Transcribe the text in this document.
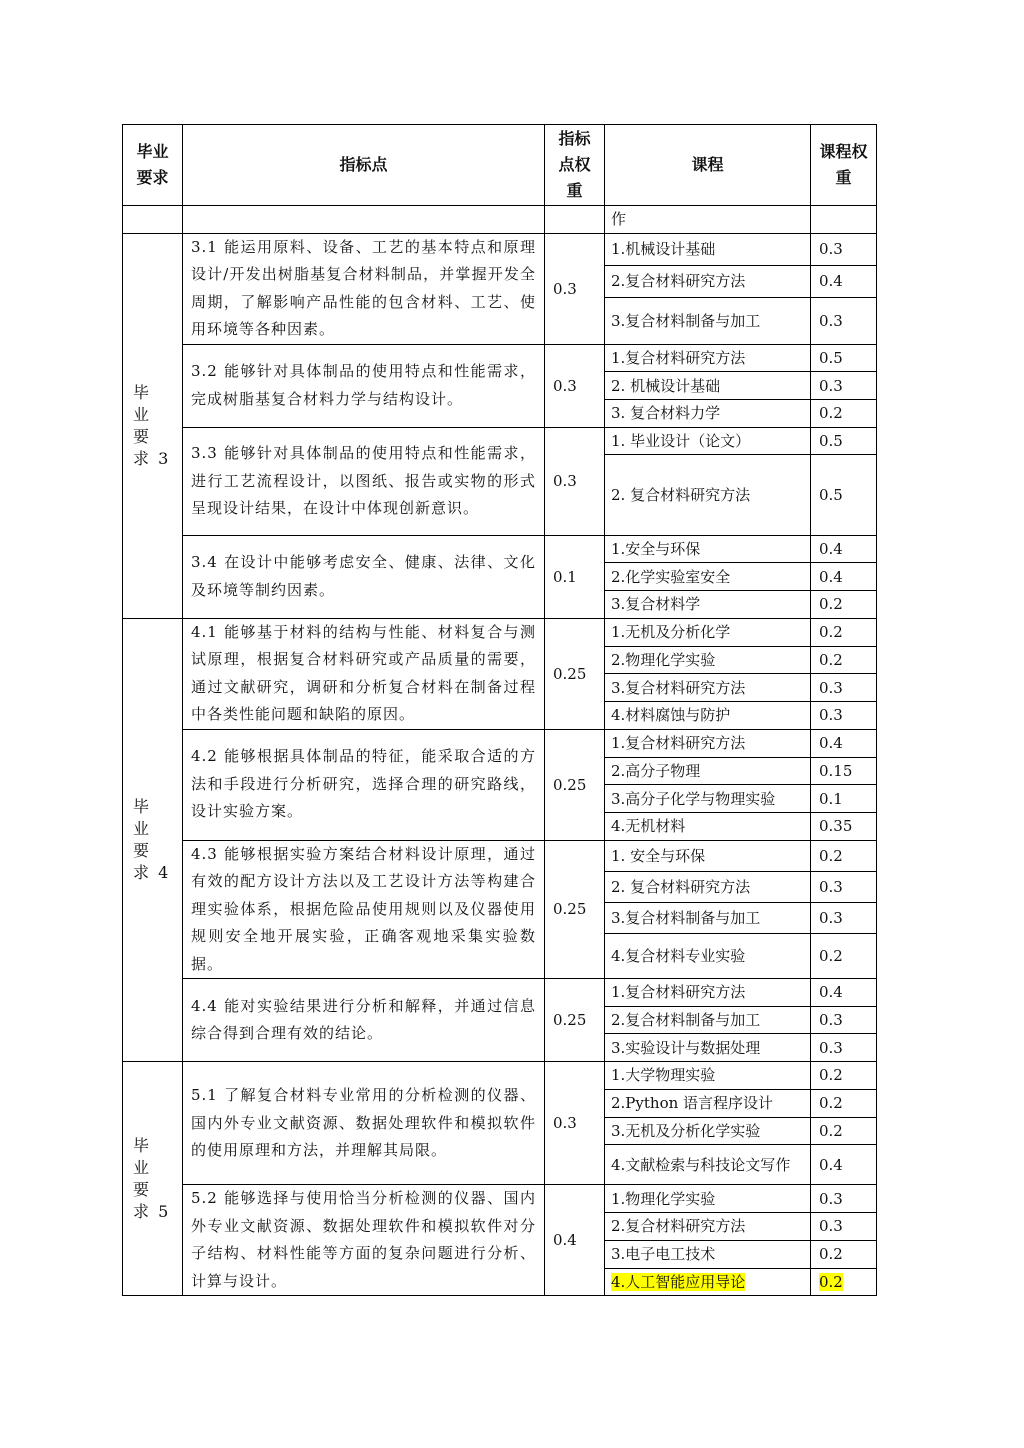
毕业要求	指标点	指标点权重	课程	课程权重
			作	
毕 业 要 求 3	3.1 能运用原料、设备、工艺的基本特点和原理设计/开发出树脂基复合材料制品，并掌握开发全周期，了解影响产品性能的包含材料、工艺、使用环境等各种因素。	0.3	1.机械设计基础	0.3
			2.复合材料研究方法	0.4
			3.复合材料制备与加工	0.3
	3.2 能够针对具体制品的使用特点和性能需求，完成树脂基复合材料力学与结构设计。	0.3	1.复合材料研究方法	0.5
			2. 机械设计基础	0.3
			3. 复合材料力学	0.2
	3.3 能够针对具体制品的使用特点和性能需求，进行工艺流程设计，以图纸、报告或实物的形式呈现设计结果，在设计中体现创新意识。	0.3	1. 毕业设计（论文）	0.5
			2. 复合材料研究方法	0.5
	3.4 在设计中能够考虑安全、健康、法律、文化及环境等制约因素。	0.1	1.安全与环保	0.4
			2.化学实验室安全	0.4
			3.复合材料学	0.2
毕 业 要 求 4	4.1 能够基于材料的结构与性能、材料复合与测试原理，根据复合材料研究或产品质量的需要，通过文献研究，调研和分析复合材料在制备过程中各类性能问题和缺陷的原因。	0.25	1.无机及分析化学	0.2
			2.物理化学实验	0.2
			3.复合材料研究方法	0.3
			4.材料腐蚀与防护	0.3
	4.2 能够根据具体制品的特征，能采取合适的方法和手段进行分析研究，选择合理的研究路线，设计实验方案。	0.25	1.复合材料研究方法	0.4
			2.高分子物理	0.15
			3.高分子化学与物理实验	0.1
			4.无机材料	0.35
	4.3 能够根据实验方案结合材料设计原理，通过有效的配方设计方法以及工艺设计方法等构建合理实验体系，根据危险品使用规则以及仪器使用规则安全地开展实验，正确客观地采集实验数据。	0.25	1. 安全与环保	0.2
			2. 复合材料研究方法	0.3
			3.复合材料制备与加工	0.3
			4.复合材料专业实验	0.2
	4.4 能对实验结果进行分析和解释，并通过信息综合得到合理有效的结论。	0.25	1.复合材料研究方法	0.4
			2.复合材料制备与加工	0.3
			3.实验设计与数据处理	0.3
毕 业 要 求 5	5.1 了解复合材料专业常用的分析检测的仪器、国内外专业文献资源、数据处理软件和模拟软件的使用原理和方法，并理解其局限。	0.3	1.大学物理实验	0.2
			2.Python 语言程序设计	0.2
			3.无机及分析化学实验	0.2
			4.文献检索与科技论文写作	0.4
	5.2 能够选择与使用恰当分析检测的仪器、国内外专业文献资源、数据处理软件和模拟软件对分子结构、材料性能等方面的复杂问题进行分析、计算与设计。	0.4	1.物理化学实验	0.3
			2.复合材料研究方法	0.3
			3.电子电工技术	0.2
			4.人工智能应用导论	0.2
